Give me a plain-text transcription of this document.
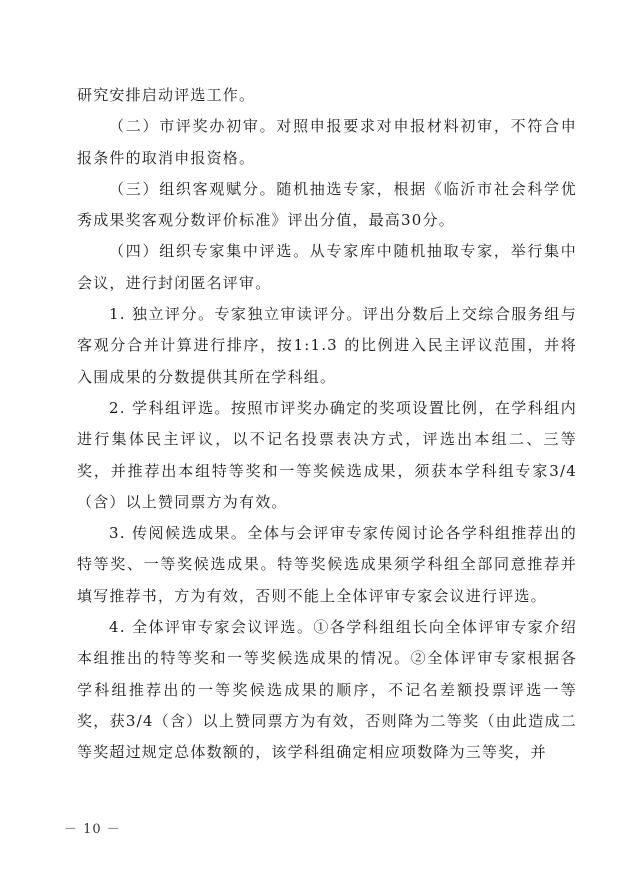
研究安排启动评选工作。

（二）市评奖办初审。对照申报要求对申报材料初审，不符合申报条件的取消申报资格。

（三）组织客观赋分。随机抽选专家，根据《临沂市社会科学优秀成果奖客观分数评价标准》评出分值，最高30分。

（四）组织专家集中评选。从专家库中随机抽取专家，举行集中会议，进行封闭匿名评审。

1. 独立评分。专家独立审读评分。评出分数后上交综合服务组与客观分合并计算进行排序，按1:1.3 的比例进入民主评议范围，并将入围成果的分数提供其所在学科组。

2. 学科组评选。按照市评奖办确定的奖项设置比例，在学科组内进行集体民主评议，以不记名投票表决方式，评选出本组二、三等奖，并推荐出本组特等奖和一等奖候选成果，须获本学科组专家3/4（含）以上赞同票方为有效。

3. 传阅候选成果。全体与会评审专家传阅讨论各学科组推荐出的特等奖、一等奖候选成果。特等奖候选成果须学科组全部同意推荐并填写推荐书，方为有效，否则不能上全体评审专家会议进行评选。

4. 全体评审专家会议评选。①各学科组组长向全体评审专家介绍本组推出的特等奖和一等奖候选成果的情况。②全体评审专家根据各学科组推荐出的一等奖候选成果的顺序，不记名差额投票评选一等奖，获3/4（含）以上赞同票方为有效，否则降为二等奖（由此造成二等奖超过规定总体数额的，该学科组确定相应项数降为三等奖，并

－ 10 －
